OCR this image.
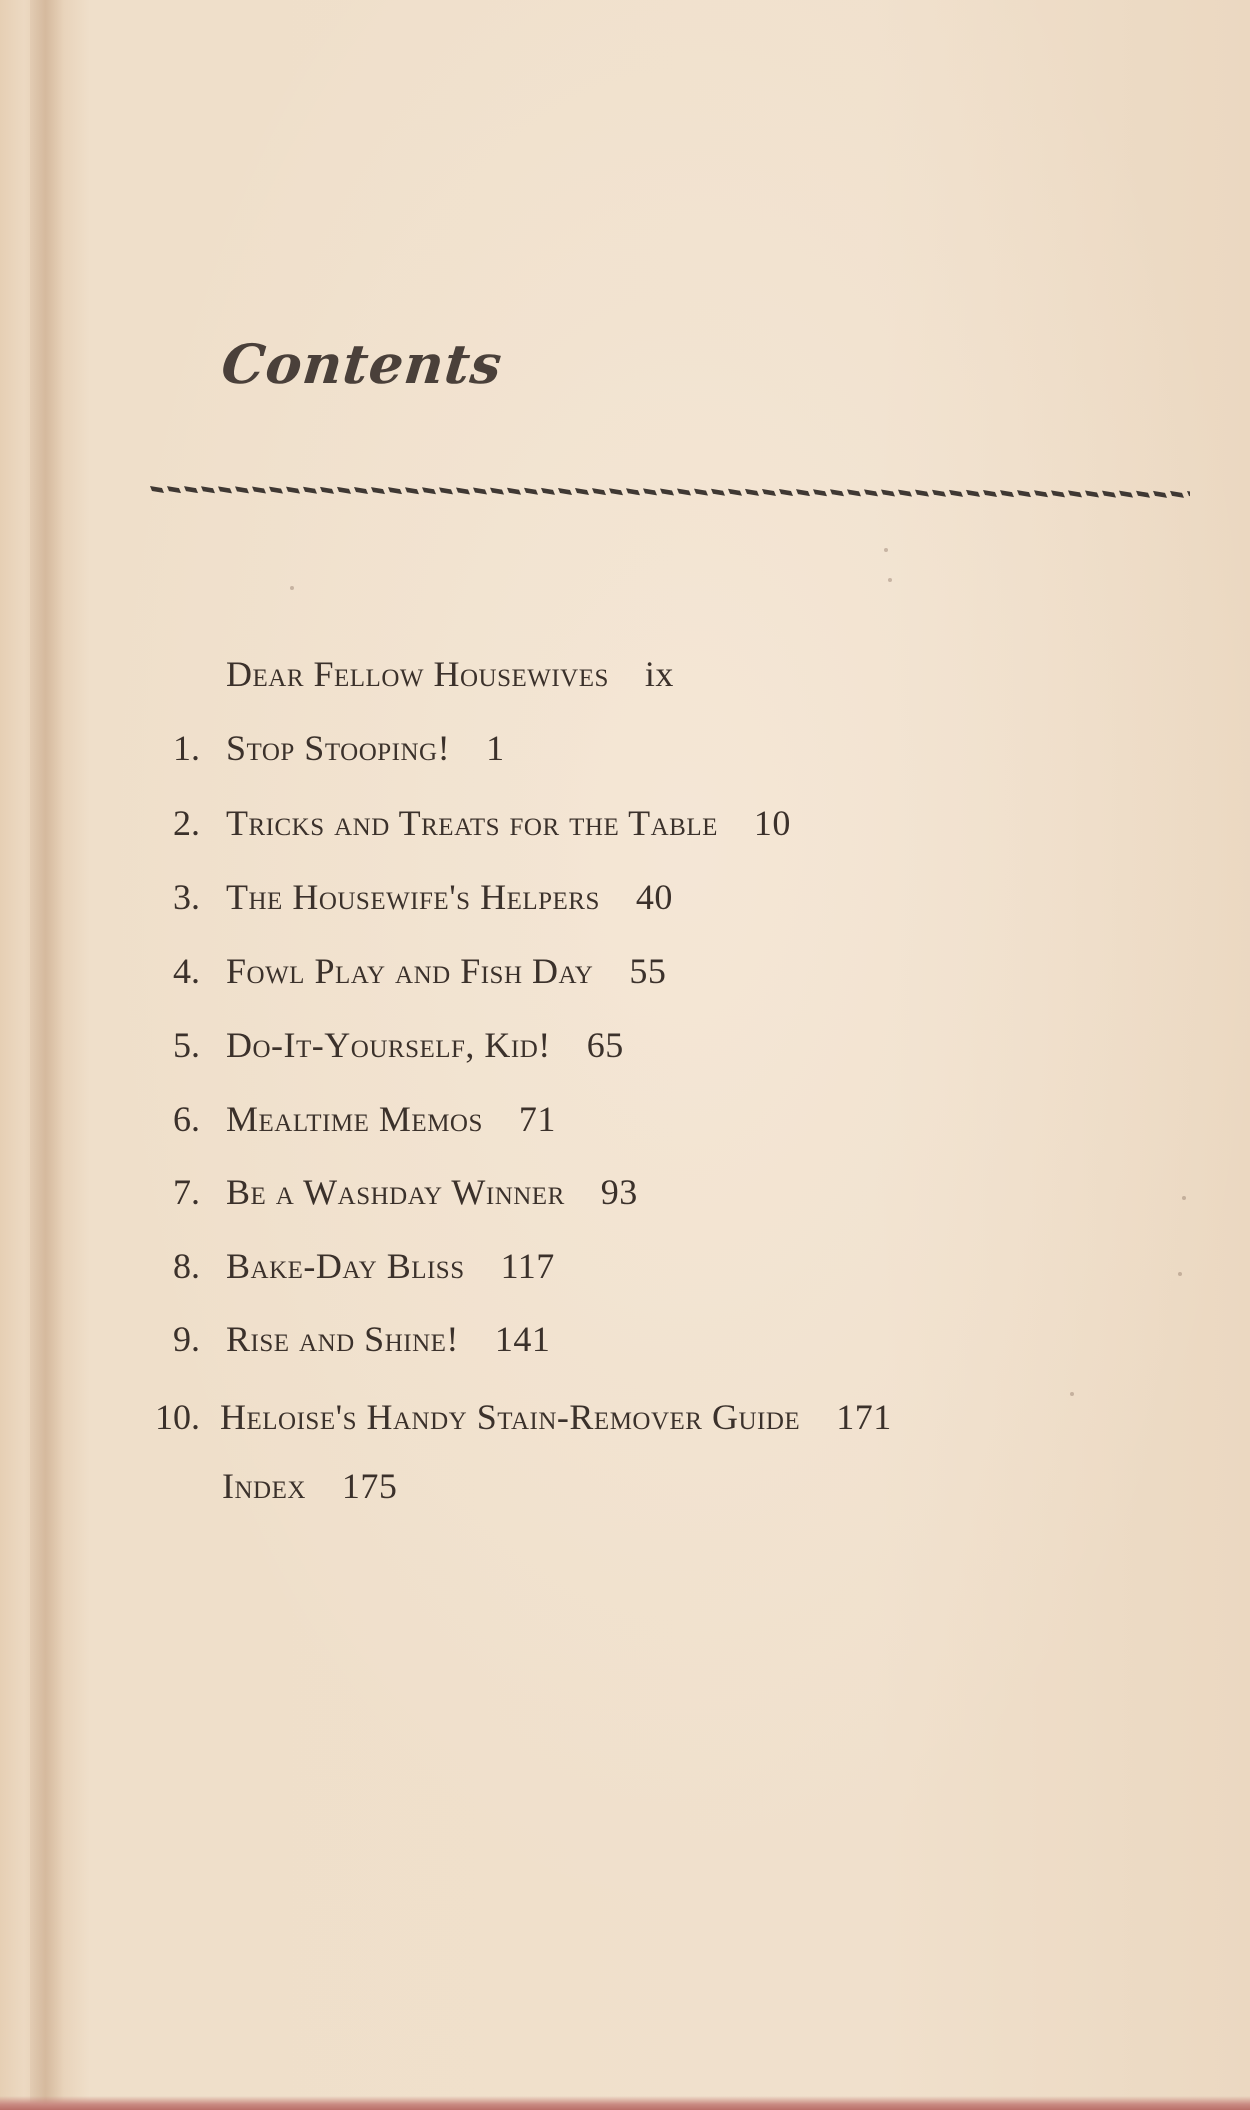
Contents
Dear Fellow Housewives ix
1. Stop Stooping! 1
2. Tricks and Treats for the Table 10
3. The Housewife's Helpers 40
4. Fowl Play and Fish Day 55
5. Do-It-Yourself, Kid! 65
6. Mealtime Memos 71
7. Be a Washday Winner 93
8. Bake-Day Bliss 117
9. Rise and Shine! 141
10. Heloise's Handy Stain-Remover Guide 171
Index 175
